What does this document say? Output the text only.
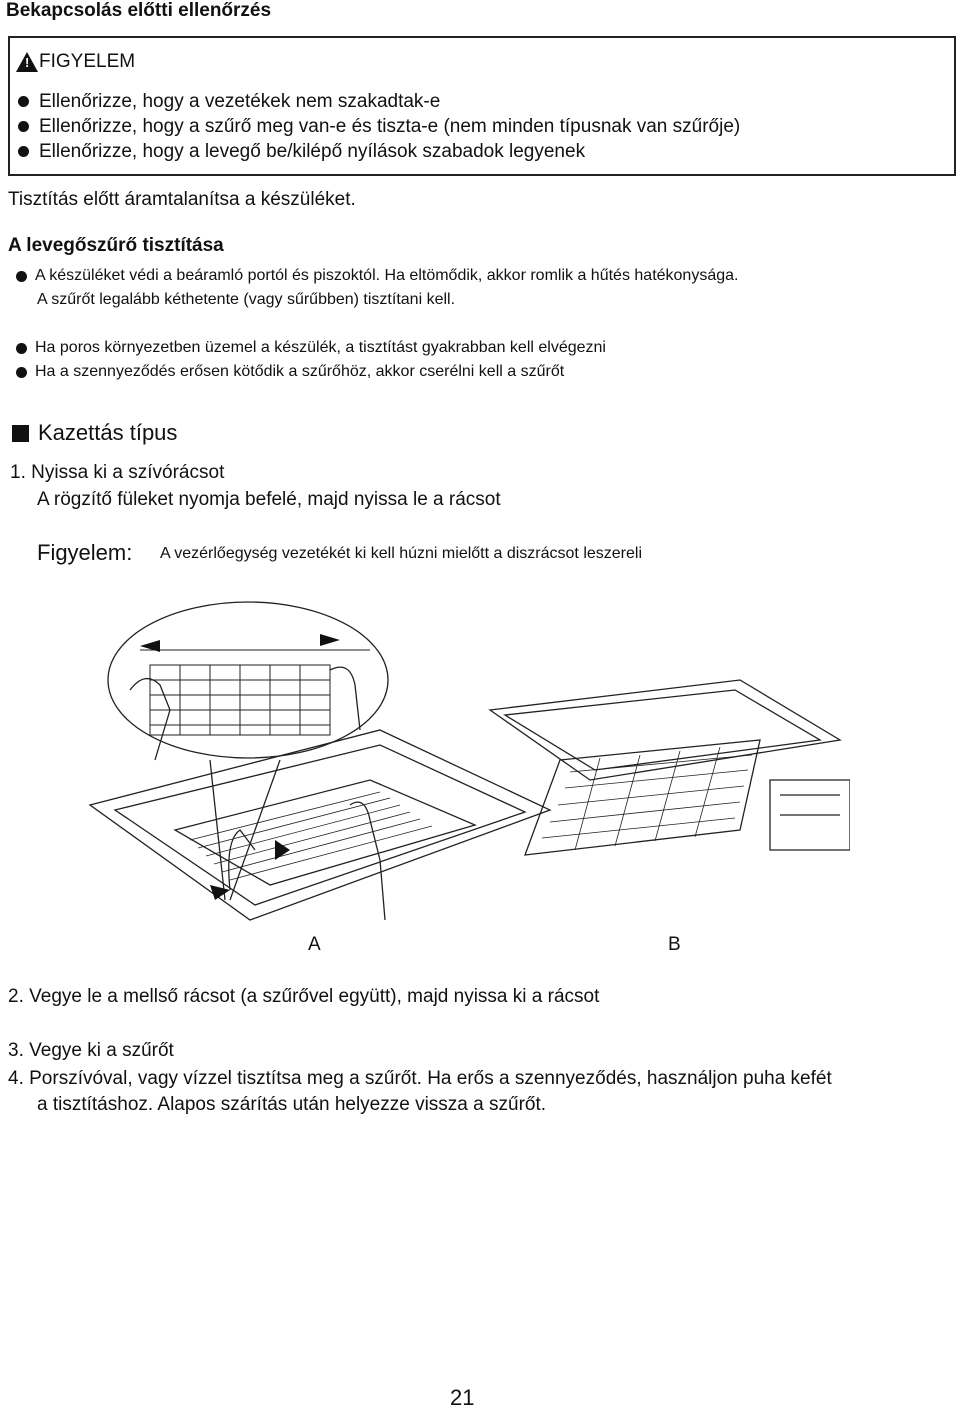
Bekapcsolás előtti ellenőrzés
!
FIGYELEM
Ellenőrizze, hogy a vezetékek nem szakadtak-e
Ellenőrizze, hogy a szűrő meg van-e és tiszta-e (nem minden típusnak van szűrője)
Ellenőrizze, hogy a levegő be/kilépő nyílások szabadok legyenek
Tisztítás előtt áramtalanítsa a készüléket.
A levegőszűrő tisztítása
A készüléket védi a beáramló portól és piszoktól. Ha eltömődik, akkor romlik a hűtés hatékonysága.
A szűrőt legalább kéthetente (vagy sűrűbben) tisztítani kell.
Ha poros környezetben üzemel a készülék, a tisztítást gyakrabban kell elvégezni
Ha a szennyeződés erősen kötődik a szűrőhöz, akkor cserélni kell a szűrőt
Kazettás típus
1. Nyissa ki a szívórácsot
A rögzítő füleket nyomja befelé, majd nyissa le a rácsot
Figyelem: A vezérlőegység vezetékét ki kell húzni mielőtt a diszrácsot leszereli
A	B
2. Vegye le a mellső rácsot (a szűrővel együtt), majd nyissa ki a rácsot
3. Vegye ki a szűrőt
4. Porszívóval, vagy vízzel tisztítsa meg a szűrőt. Ha erős a szennyeződés, használjon puha kefét
a tisztításhoz. Alapos szárítás után helyezze vissza a szűrőt.
21
